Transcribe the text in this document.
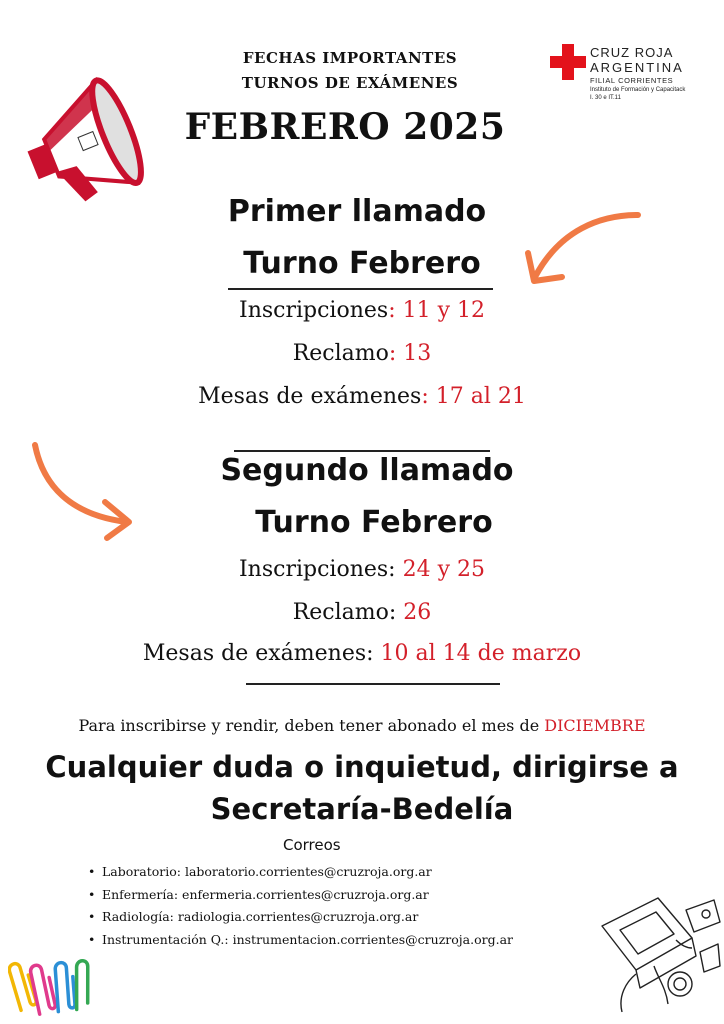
FECHAS IMPORTANTES
TURNOS DE EXÁMENES
FEBRERO 2025
CRUZ ROJA
ARGENTINA
FILIAL CORRIENTES
Instituto de Formación y Capacitack
I. 30 e IT.11
Primer llamado
Turno Febrero
Inscripciones: 11 y 12
Reclamo: 13
Mesas de exámenes: 17 al 21
Segundo llamado
Turno Febrero
Inscripciones: 24 y 25
Reclamo: 26
Mesas de exámenes: 10 al 14 de marzo
Para inscribirse y rendir, deben tener abonado el mes de DICIEMBRE
Cualquier duda o inquietud, dirigirse a
Secretaría-Bedelía
Correos
• Laboratorio: laboratorio.corrientes@cruzroja.org.ar
• Enfermería: enfermeria.corrientes@cruzroja.org.ar
• Radiología: radiologia.corrientes@cruzroja.org.ar
• Instrumentación Q.: instrumentacion.corrientes@cruzroja.org.ar
